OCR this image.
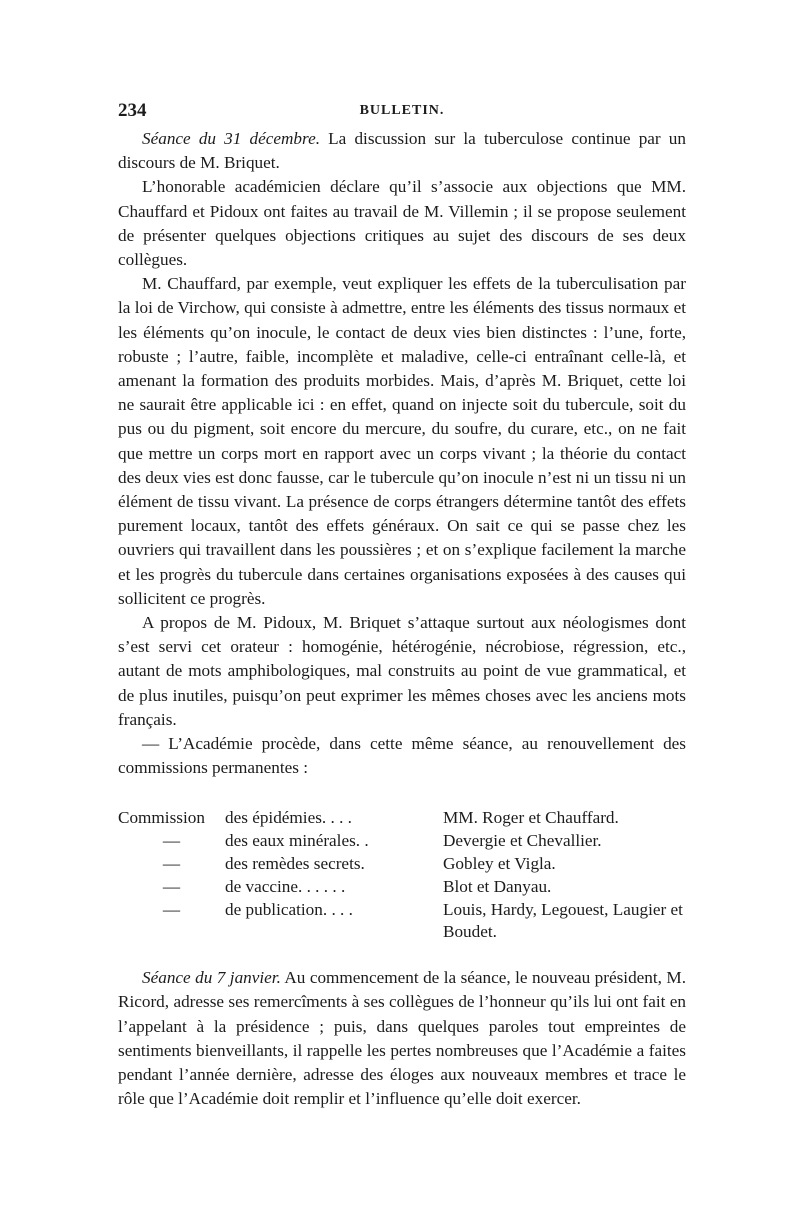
234	BULLETIN.

Séance du 31 décembre. La discussion sur la tuberculose continue par un discours de M. Briquet.

L’honorable académicien déclare qu’il s’associe aux objections que MM. Chauffard et Pidoux ont faites au travail de M. Villemin ; il se propose seulement de présenter quelques objections critiques au sujet des discours de ses deux collègues.

M. Chauffard, par exemple, veut expliquer les effets de la tuberculisation par la loi de Virchow, qui consiste à admettre, entre les éléments des tissus normaux et les éléments qu’on inocule, le contact de deux vies bien distinctes : l’une, forte, robuste ; l’autre, faible, incomplète et maladive, celle-ci entraînant celle-là, et amenant la formation des produits morbides. Mais, d’après M. Briquet, cette loi ne saurait être applicable ici : en effet, quand on injecte soit du tubercule, soit du pus ou du pigment, soit encore du mercure, du soufre, du curare, etc., on ne fait que mettre un corps mort en rapport avec un corps vivant ; la théorie du contact des deux vies est donc fausse, car le tubercule qu’on inocule n’est ni un tissu ni un élément de tissu vivant. La présence de corps étrangers détermine tantôt des effets purement locaux, tantôt des effets généraux. On sait ce qui se passe chez les ouvriers qui travaillent dans les poussières ; et on s’explique facilement la marche et les progrès du tubercule dans certaines organisations exposées à des causes qui sollicitent ce progrès.

A propos de M. Pidoux, M. Briquet s’attaque surtout aux néologismes dont s’est servi cet orateur : homogénie, hétérogénie, nécrobiose, régression, etc., autant de mots amphibologiques, mal construits au point de vue grammatical, et de plus inutiles, puisqu’on peut exprimer les mêmes choses avec les anciens mots français.

— L’Académie procède, dans cette même séance, au renouvellement des commissions permanentes :

Commission	des épidémies. . . .	MM. Roger et Chauffard.
—	des eaux minérales. .	Devergie et Chevallier.
—	des remèdes secrets.	Gobley et Vigla.
—	de vaccine. . . . . .	Blot et Danyau.
—	de publication. . . .	Louis, Hardy, Legouest, Laugier et Boudet.

Séance du 7 janvier. Au commencement de la séance, le nouveau président, M. Ricord, adresse ses remercîments à ses collègues de l’honneur qu’ils lui ont fait en l’appelant à la présidence ; puis, dans quelques paroles tout empreintes de sentiments bienveillants, il rappelle les pertes nombreuses que l’Académie a faites pendant l’année dernière, adresse des éloges aux nouveaux membres et trace le rôle que l’Académie doit remplir et l’influence qu’elle doit exercer.
